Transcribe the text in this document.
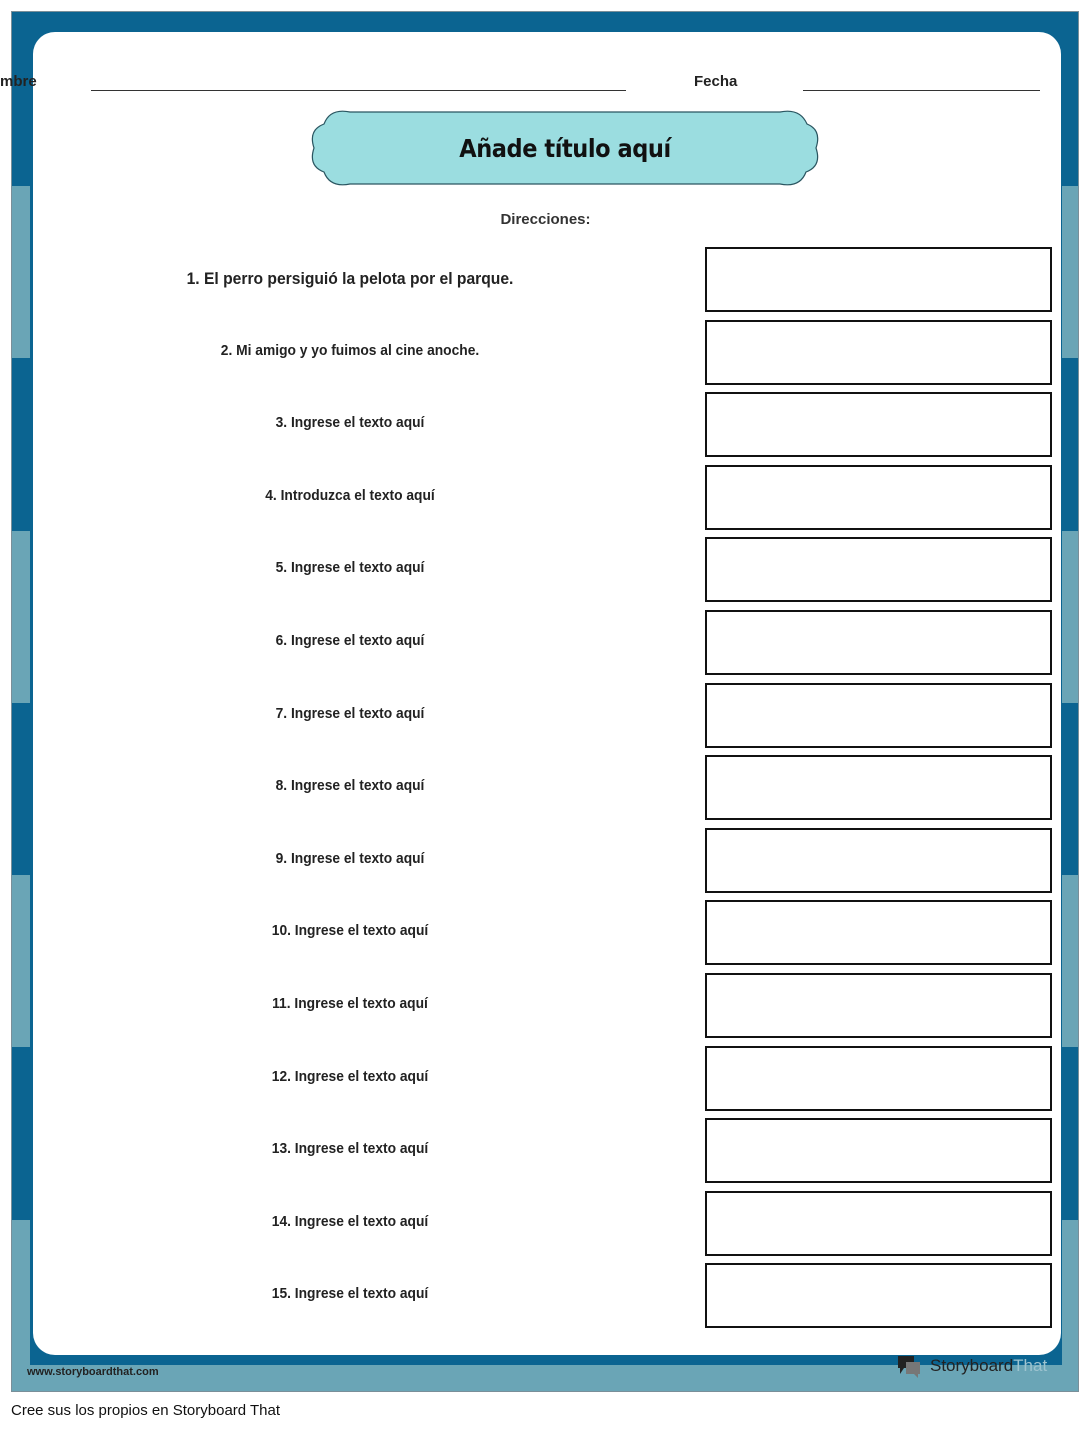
mbre	Fecha
Añade título aquí
Direcciones:
1. El perro persiguió la pelota por el parque.
2. Mi amigo y yo fuimos al cine anoche.
3. Ingrese el texto aquí
4. Introduzca el texto aquí
5. Ingrese el texto aquí
6. Ingrese el texto aquí
7. Ingrese el texto aquí
8. Ingrese el texto aquí
9. Ingrese el texto aquí
10. Ingrese el texto aquí
11. Ingrese el texto aquí
12. Ingrese el texto aquí
13. Ingrese el texto aquí
14. Ingrese el texto aquí
15. Ingrese el texto aquí
www.storyboardthat.com	Storyboard That
Cree sus los propios en Storyboard That
